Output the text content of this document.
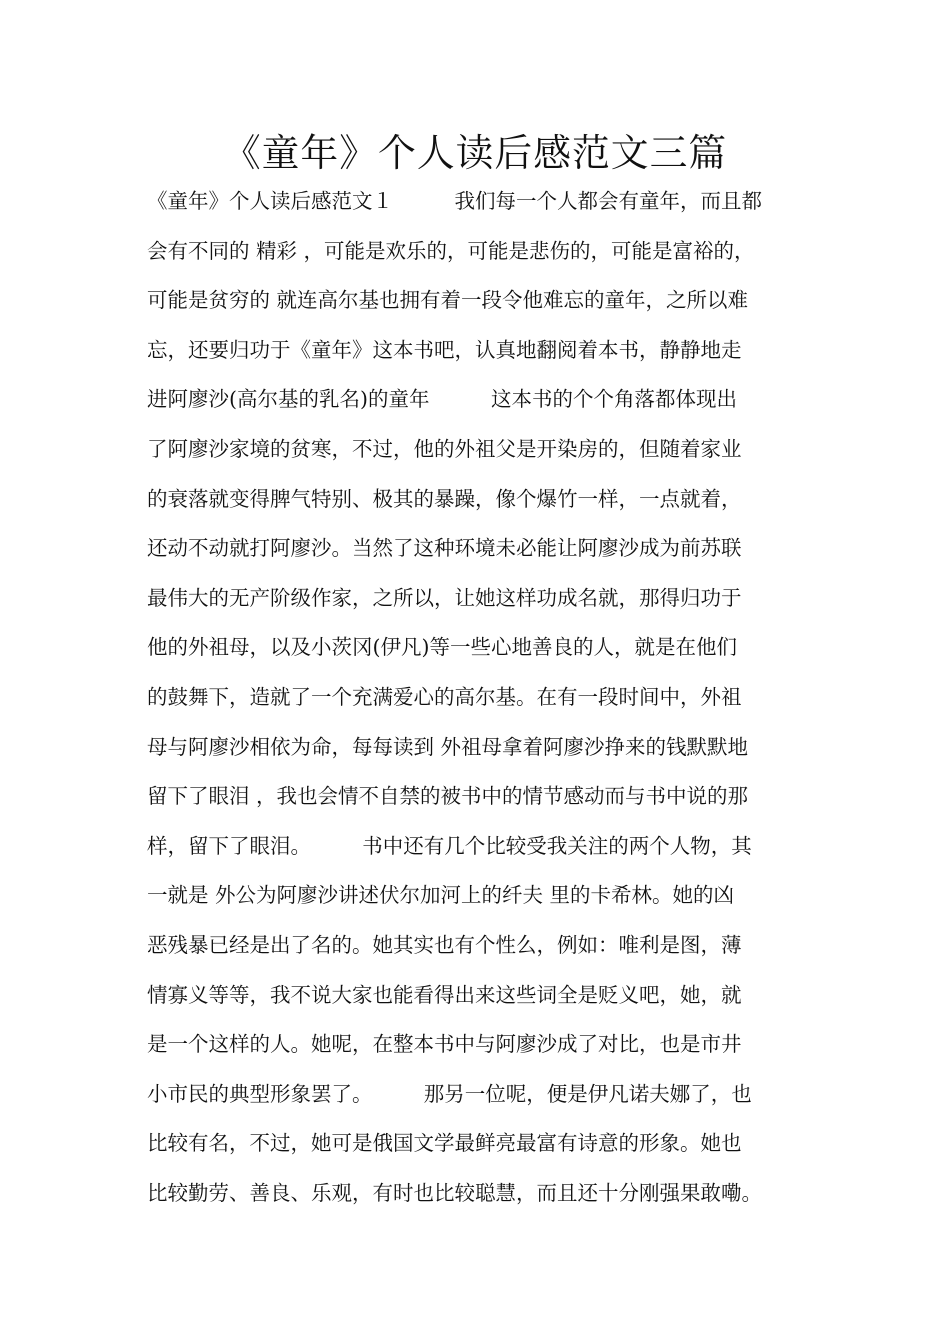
《童年》个人读后感范文三篇
《童年》个人读后感范文１　　　我们每一个人都会有童年，而且都
会有不同的 精彩 ，可能是欢乐的，可能是悲伤的，可能是富裕的，
可能是贫穷的 就连高尔基也拥有着一段令他难忘的童年，之所以难
忘，还要归功于《童年》这本书吧，认真地翻阅着本书，静静地走
进阿廖沙(高尔基的乳名)的童年　　　这本书的个个角落都体现出
了阿廖沙家境的贫寒，不过，他的外祖父是开染房的，但随着家业
的衰落就变得脾气特别、极其的暴躁，像个爆竹一样，一点就着，
还动不动就打阿廖沙。当然了这种环境未必能让阿廖沙成为前苏联
最伟大的无产阶级作家，之所以，让她这样功成名就，那得归功于
他的外祖母，以及小茨冈(伊凡)等一些心地善良的人，就是在他们
的鼓舞下，造就了一个充满爱心的高尔基。在有一段时间中，外祖
母与阿廖沙相依为命，每每读到 外祖母拿着阿廖沙挣来的钱默默地
留下了眼泪 ，我也会情不自禁的被书中的情节感动而与书中说的那
样，留下了眼泪。　　　书中还有几个比较受我关注的两个人物，其
一就是 外公为阿廖沙讲述伏尔加河上的纤夫 里的卡希林。她的凶
恶残暴已经是出了名的。她其实也有个性么，例如：唯利是图，薄
情寡义等等，我不说大家也能看得出来这些词全是贬义吧，她，就
是一个这样的人。她呢，在整本书中与阿廖沙成了对比，也是市井
小市民的典型形象罢了。　　　那另一位呢，便是伊凡诺夫娜了，也
比较有名，不过，她可是俄国文学最鲜亮最富有诗意的形象。她也
比较勤劳、善良、乐观，有时也比较聪慧，而且还十分刚强果敢嘞。
